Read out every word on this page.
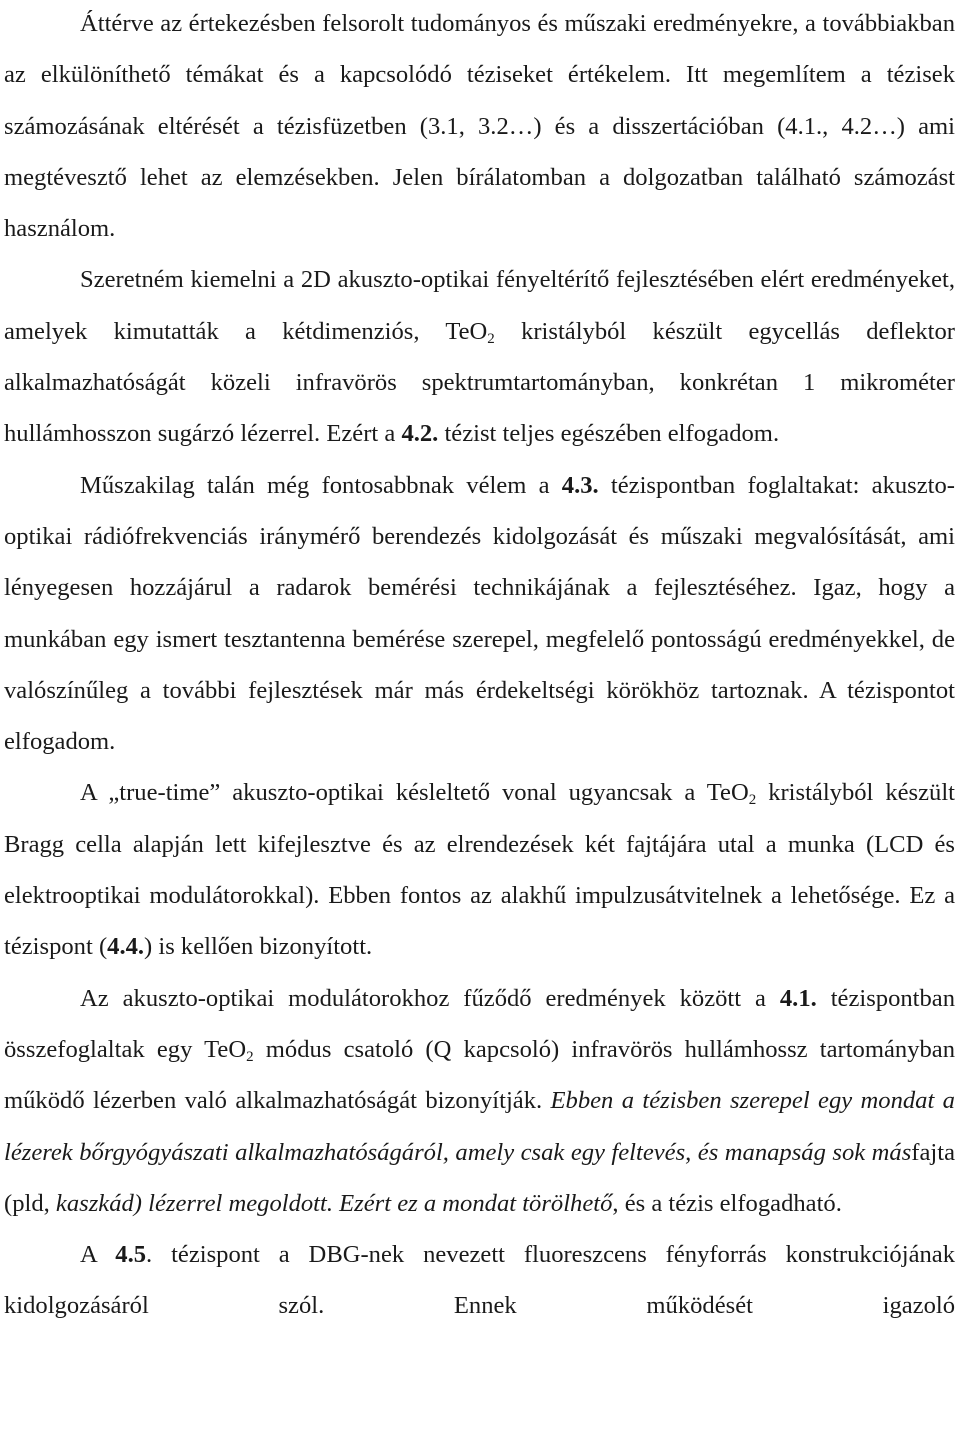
Áttérve az értekezésben felsorolt tudományos és műszaki eredményekre, a továbbiakban az elkülöníthető témákat és a kapcsolódó téziseket értékelem. Itt megemlítem a tézisek számozásának eltérését a tézisfüzetben (3.1, 3.2…) és a disszertációban (4.1., 4.2…) ami megtévesztő lehet az elemzésekben. Jelen bírálatomban a dolgozatban található számozást használom.

Szeretném kiemelni a 2D akuszto-optikai fényeltérítő fejlesztésében elért eredményeket, amelyek kimutatták a kétdimenziós, TeO$_2$ kristályból készült egycellás deflektor alkalmazhatóságát közeli infravörös spektrumtartományban, konkrétan 1 mikrométer hullámhosszon sugárzó lézerrel. Ezért a 4.2. tézist teljes egészében elfogadom.

Műszakilag talán még fontosabbnak vélem a 4.3. tézispontban foglaltakat: akuszto-optikai rádiófrekvenciás iránymérő berendezés kidolgozását és műszaki megvalósítását, ami lényegesen hozzájárul a radarok bemérési technikájának a fejlesztéséhez. Igaz, hogy a munkában egy ismert tesztantenna bemérése szerepel, megfelelő pontosságú eredményekkel, de valószínűleg a további fejlesztések már más érdekeltségi körökhöz tartoznak. A tézispontot elfogadom.

A „true-time” akuszto-optikai késleltető vonal ugyancsak a TeO$_2$ kristályból készült Bragg cella alapján lett kifejlesztve és az elrendezések két fajtájára utal a munka (LCD és elektrooptikai modulátorokkal). Ebben fontos az alakhű impulzusátvitelnek a lehetősége. Ez a tézispont (4.4.) is kellően bizonyított.

Az akuszto-optikai modulátorokhoz fűződő eredmények között a 4.1. tézispontban összefoglaltak egy TeO$_2$ módus csatoló (Q kapcsoló) infravörös hullámhossz tartományban működő lézerben való alkalmazhatóságát bizonyítják. Ebben a tézisben szerepel egy mondat a lézerek bőrgyógyászati alkalmazhatóságáról, amely csak egy feltevés, és manapság sok másfajta (pld, kaszkád) lézerrel megoldott. Ezért ez a mondat törölhető, és a tézis elfogadható.

A 4.5. tézispont a DBG-nek nevezett fluoreszcens fényforrás konstrukciójának kidolgozásáról szól. Ennek működését igazoló
